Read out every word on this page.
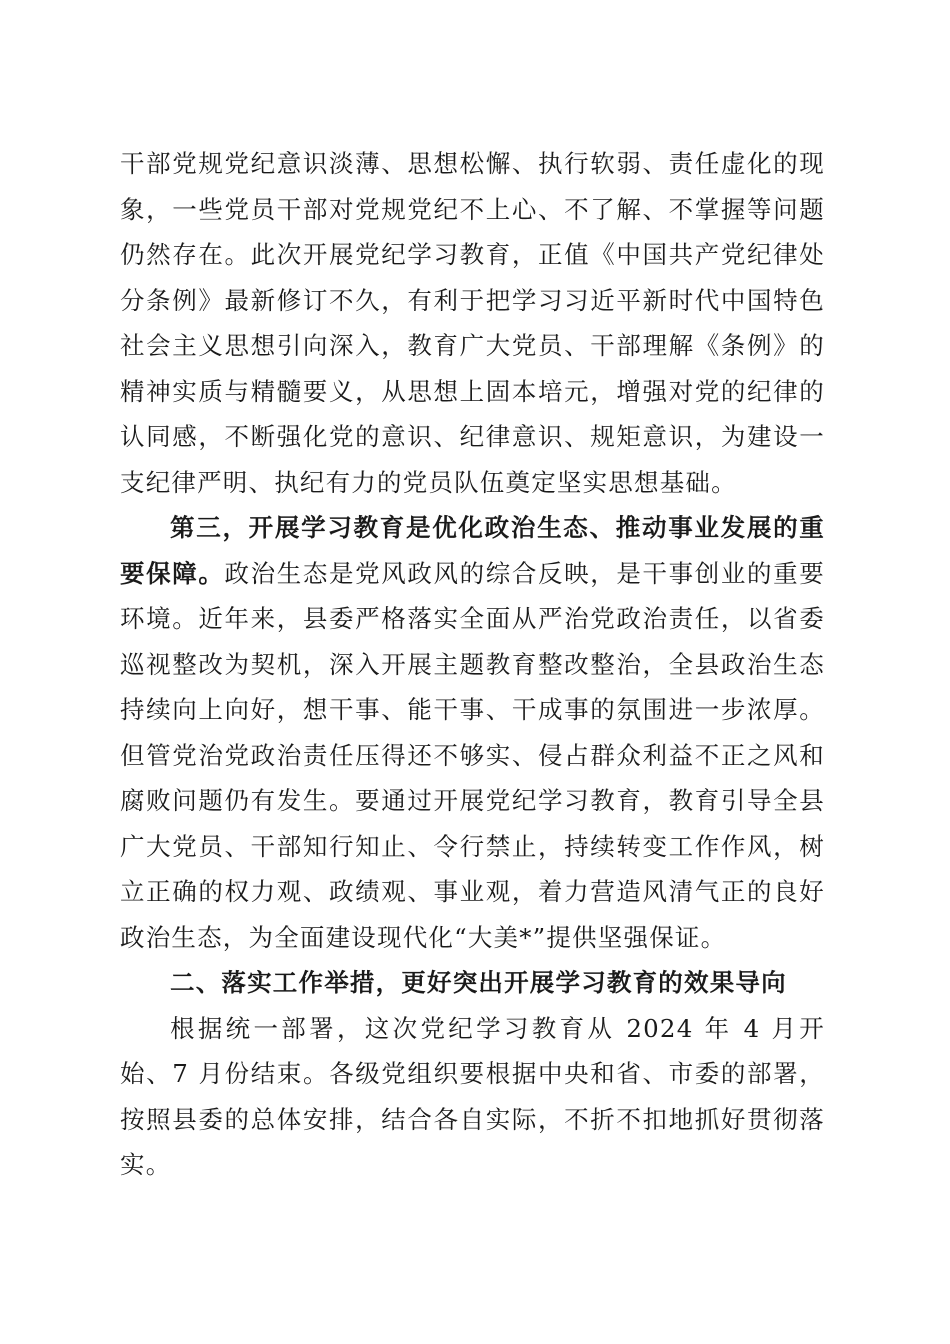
干部党规党纪意识淡薄、思想松懈、执行软弱、责任虚化的现象，一些党员干部对党规党纪不上心、不了解、不掌握等问题仍然存在。此次开展党纪学习教育，正值《中国共产党纪律处分条例》最新修订不久，有利于把学习习近平新时代中国特色社会主义思想引向深入，教育广大党员、干部理解《条例》的精神实质与精髓要义，从思想上固本培元，增强对党的纪律的认同感，不断强化党的意识、纪律意识、规矩意识，为建设一支纪律严明、执纪有力的党员队伍奠定坚实思想基础。

第三，开展学习教育是优化政治生态、推动事业发展的重要保障。政治生态是党风政风的综合反映，是干事创业的重要环境。近年来，县委严格落实全面从严治党政治责任，以省委巡视整改为契机，深入开展主题教育整改整治，全县政治生态持续向上向好，想干事、能干事、干成事的氛围进一步浓厚。但管党治党政治责任压得还不够实、侵占群众利益不正之风和腐败问题仍有发生。要通过开展党纪学习教育，教育引导全县广大党员、干部知行知止、令行禁止，持续转变工作作风，树立正确的权力观、政绩观、事业观，着力营造风清气正的良好政治生态，为全面建设现代化“大美*”提供坚强保证。

二、落实工作举措，更好突出开展学习教育的效果导向

根据统一部署，这次党纪学习教育从 2024 年 4 月开始、7 月份结束。各级党组织要根据中央和省、市委的部署，按照县委的总体安排，结合各自实际，不折不扣地抓好贯彻落实。
